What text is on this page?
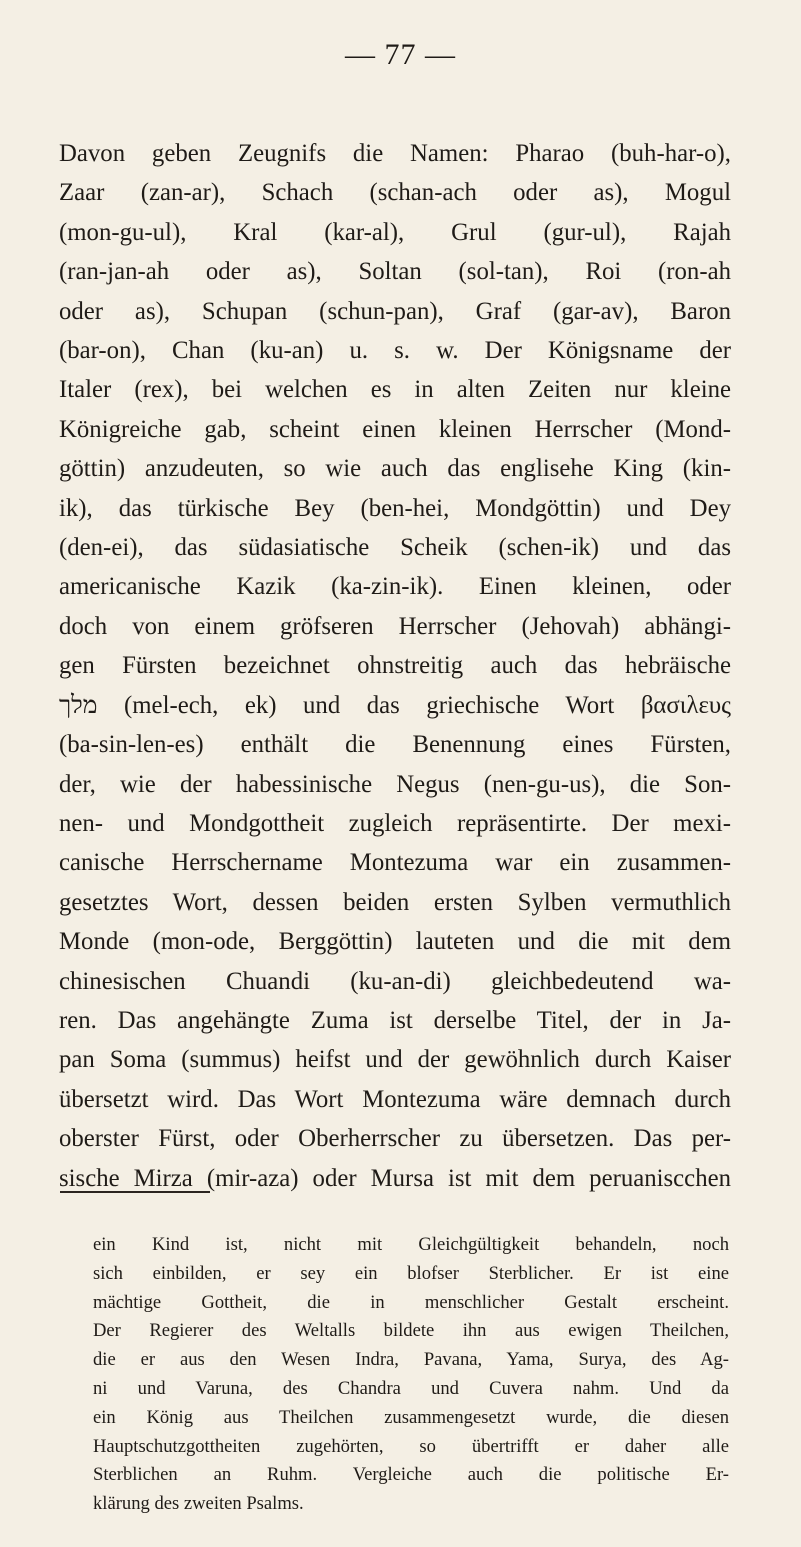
— 77 —
Davon geben Zeugnifs die Namen: Pharao (buh-har-o),
Zaar (zan-ar), Schach (schan-ach oder as), Mogul
(mon-gu-ul), Kral (kar-al), Grul (gur-ul), Rajah
(ran-jan-ah oder as), Soltan (sol-tan), Roi (ron-ah
oder as), Schupan (schun-pan), Graf (gar-av), Baron
(bar-on), Chan (ku-an) u. s. w. Der Königsname der
Italer (rex), bei welchen es in alten Zeiten nur kleine
Königreiche gab, scheint einen kleinen Herrscher (Mond-
göttin) anzudeuten, so wie auch das englisehe King (kin-
ik), das türkische Bey (ben-hei, Mondgöttin) und Dey
(den-ei), das südasiatische Scheik (schen-ik) und das
americanische Kazik (ka-zin-ik). Einen kleinen, oder
doch von einem gröfseren Herrscher (Jehovah) abhängi-
gen Fürsten bezeichnet ohnstreitig auch das hebräische
מלך (mel-ech, ek) und das griechische Wort βασιλευς
(ba-sin-len-es) enthält die Benennung eines Fürsten,
der, wie der habessinische Negus (nen-gu-us), die Son-
nen- und Mondgottheit zugleich repräsentirte. Der mexi-
canische Herrschername Montezuma war ein zusammen-
gesetztes Wort, dessen beiden ersten Sylben vermuthlich
Monde (mon-ode, Berggöttin) lauteten und die mit dem
chinesischen Chuandi (ku-an-di) gleichbedeutend wa-
ren. Das angehängte Zuma ist derselbe Titel, der in Ja-
pan Soma (summus) heifst und der gewöhnlich durch Kaiser
übersetzt wird. Das Wort Montezuma wäre demnach durch
oberster Fürst, oder Oberherrscher zu übersetzen. Das per-
sische Mirza (mir-aza) oder Mursa ist mit dem peruaniscchen
ein Kind ist, nicht mit Gleichgültigkeit behandeln, noch
sich einbilden, er sey ein blofser Sterblicher. Er ist eine
mächtige Gottheit, die in menschlicher Gestalt erscheint.
Der Regierer des Weltalls bildete ihn aus ewigen Theilchen,
die er aus den Wesen Indra, Pavana, Yama, Surya, des Ag-
ni und Varuna, des Chandra und Cuvera nahm. Und da
ein König aus Theilchen zusammengesetzt wurde, die diesen
Hauptschutzgottheiten zugehörten, so übertrifft er daher alle
Sterblichen an Ruhm. Vergleiche auch die politische Er-
klärung des zweiten Psalms.
